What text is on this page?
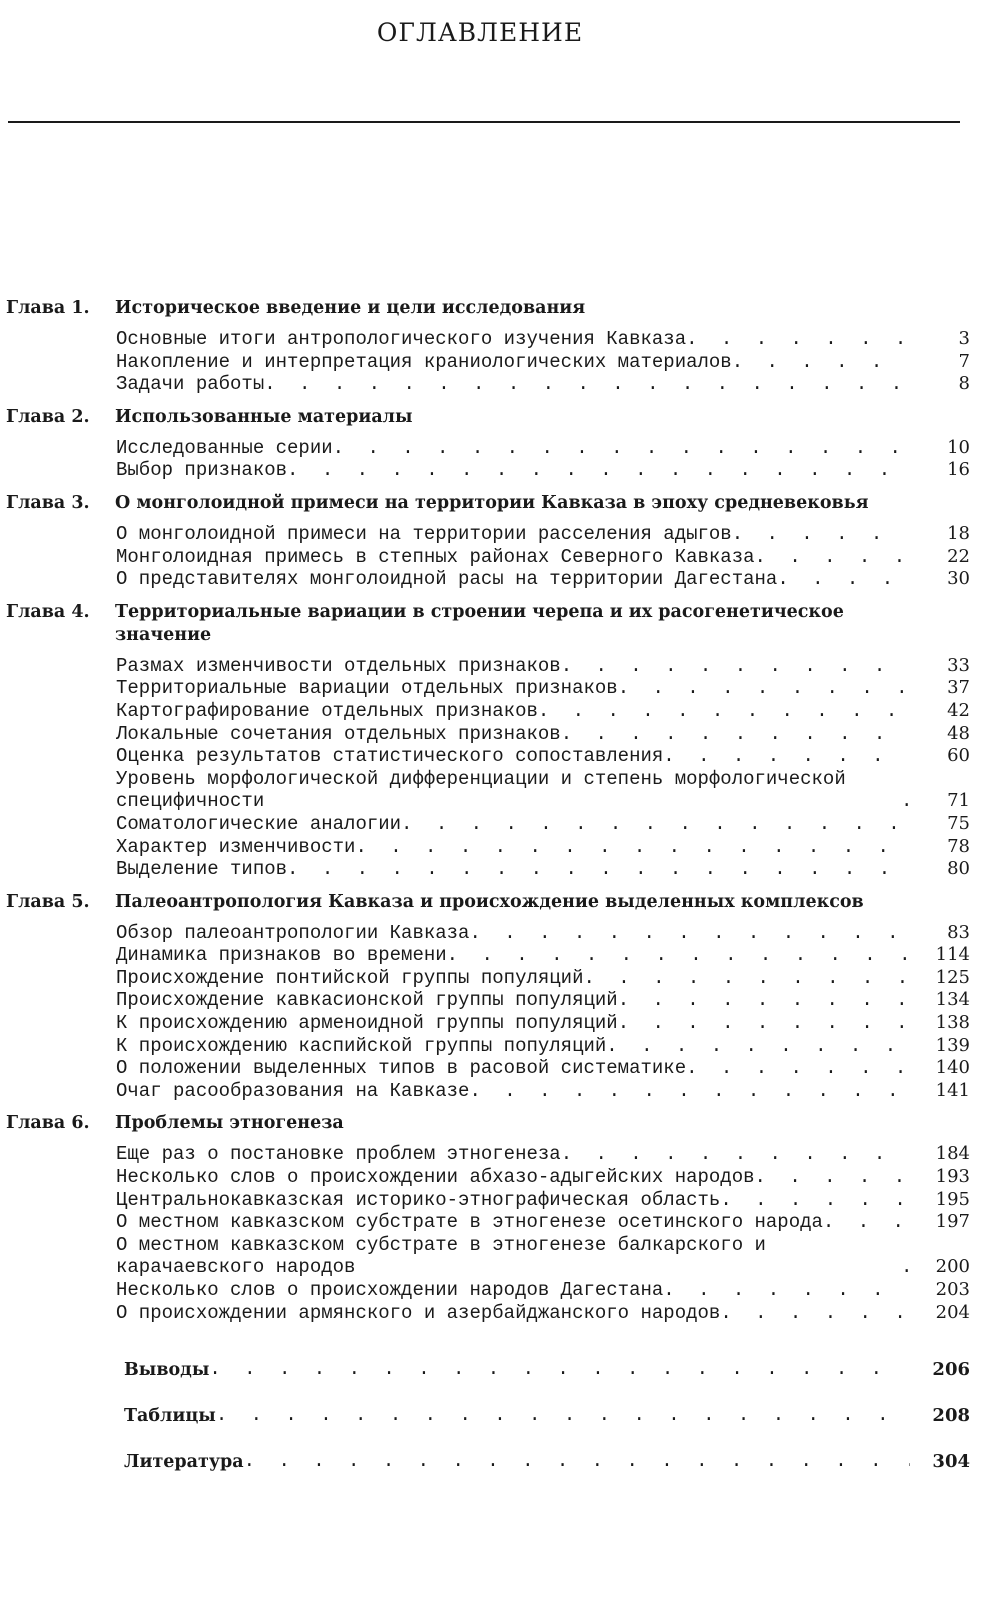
ОГЛАВЛЕНИЕ
Глава 1.	Историческое введение и цели исследования
Основные итоги антропологического изучения Кавказа . . .	3
Накопление и интерпретация краниологических материалов . . .	7
Задачи работы . . .	8
Глава 2.	Использованные материалы
Исследованные серии . . .	10
Выбор признаков . . .	16
Глава 3.	О монголоидной примеси на территории Кавказа в эпоху средневековья
О монголоидной примеси на территории расселения адыгов . . .	18
Монголоидная примесь в степных районах Северного Кавказа . . .	22
О представителях монголоидной расы на территории Дагестана . . .	30
Глава 4.	Территориальные вариации в строении черепа и их расогенетическое значение
Размах изменчивости отдельных признаков . . .	33
Территориальные вариации отдельных признаков . . .	37
Картографирование отдельных признаков . . .	42
Локальные сочетания отдельных признаков . . .	48
Оценка результатов статистического сопоставления . . .	60
Уровень морфологической дифференциации и степень морфологической специфичности . . .	71
Соматологические аналогии . . .	75
Характер изменчивости . . .	78
Выделение типов . . .	80
Глава 5.	Палеоантропология Кавказа и происхождение выделенных комплексов
Обзор палеоантропологии Кавказа . . .	83
Динамика признаков во времени . . .	114
Происхождение понтийской группы популяций . . .	125
Происхождение кавкасионской группы популяций . . .	134
К происхождению арменоидной группы популяций . . .	138
К происхождению каспийской группы популяций . . .	139
О положении выделенных типов в расовой систематике . . .	140
Очаг расообразования на Кавказе . . .	141
Глава 6.	Проблемы этногенеза
Еще раз о постановке проблем этногенеза . . .	184
Несколько слов о происхождении абхазо-адыгейских народов . . .	193
Центральнокавказская историко-этнографическая область . . .	195
О местном кавказском субстрате в этногенезе осетинского народа . . .	197
О местном кавказском субстрате в этногенезе балкарского и карачаевского народов . . .	200
Несколько слов о происхождении народов Дагестана . . .	203
О происхождении армянского и азербайджанского народов . . .	204
Выводы . . .	206
Таблицы . . .	208
Литература . . .	304
